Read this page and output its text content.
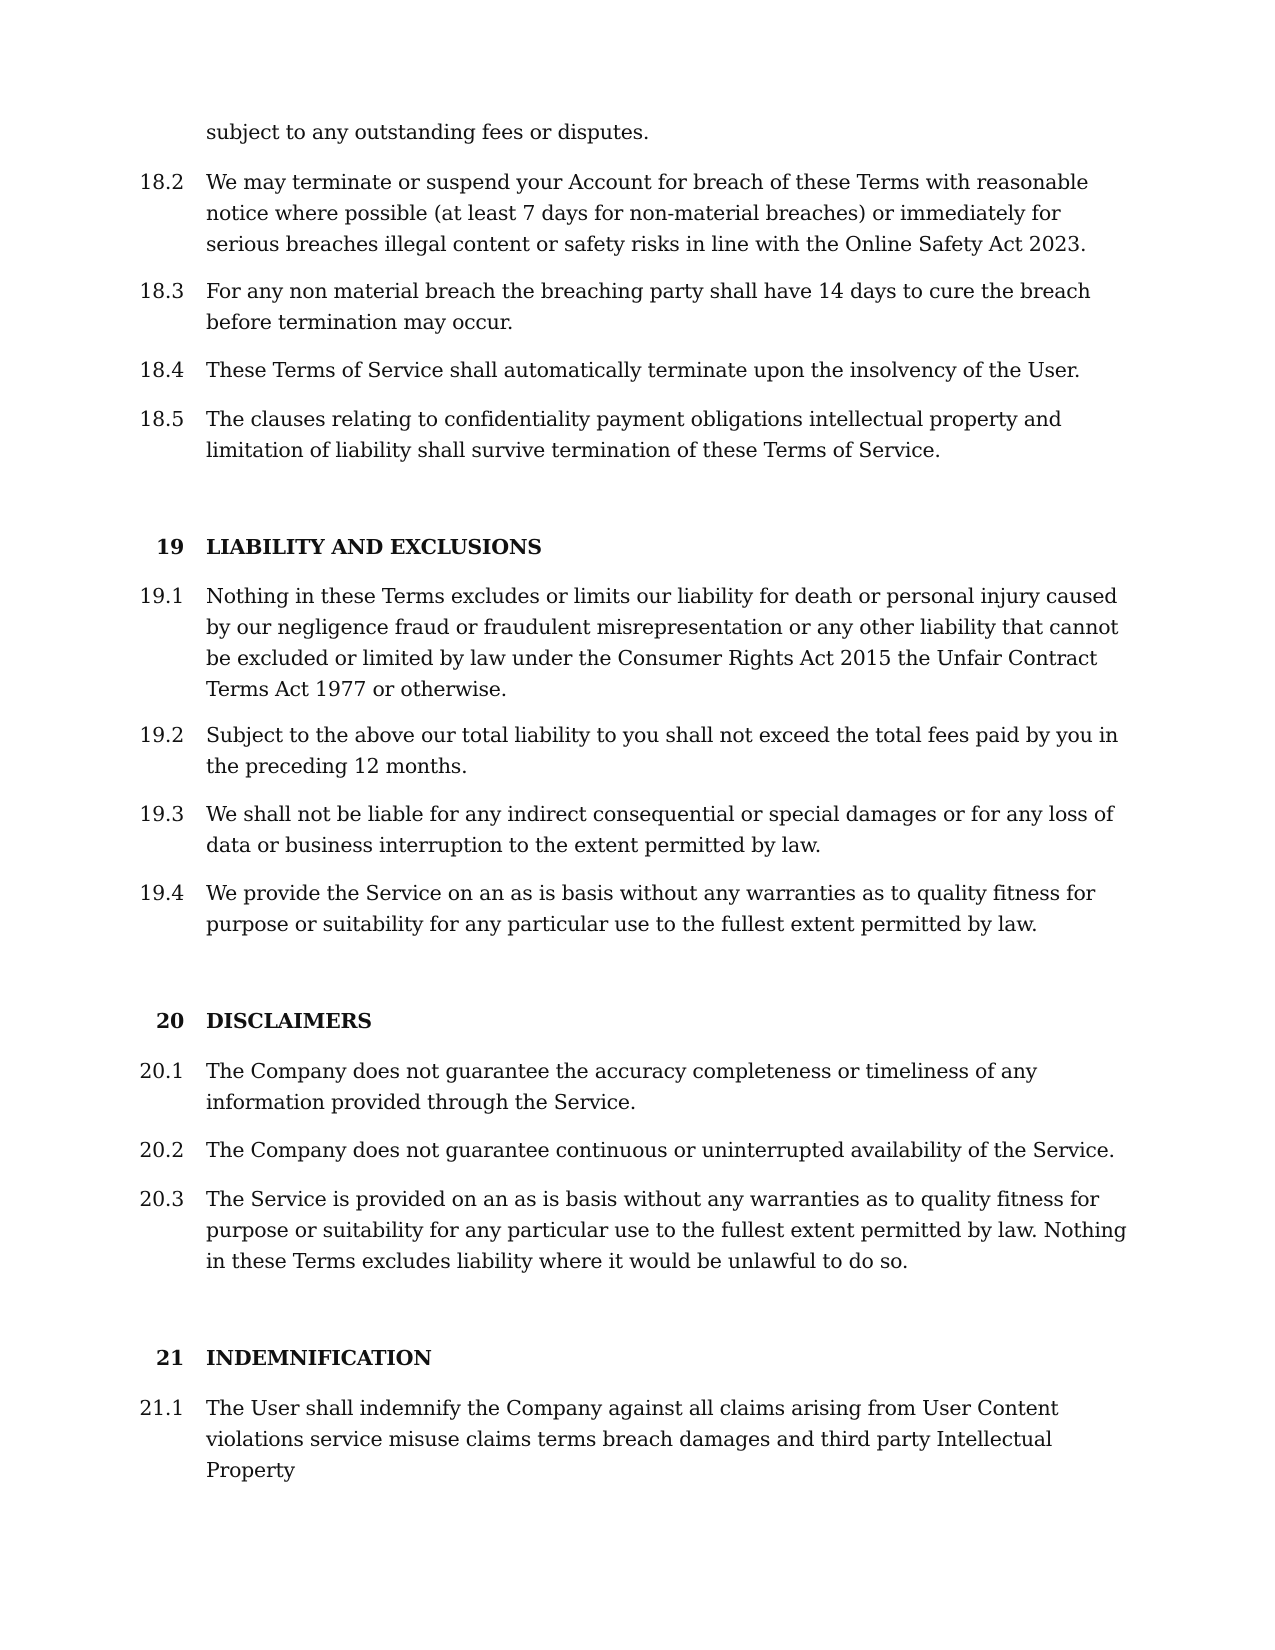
subject to any outstanding fees or disputes.
18.2 We may terminate or suspend your Account for breach of these Terms with reasonable notice where possible (at least 7 days for non-material breaches) or immediately for serious breaches illegal content or safety risks in line with the Online Safety Act 2023.
18.3 For any non material breach the breaching party shall have 14 days to cure the breach before termination may occur.
18.4 These Terms of Service shall automatically terminate upon the insolvency of the User.
18.5 The clauses relating to confidentiality payment obligations intellectual property and limitation of liability shall survive termination of these Terms of Service.
19 LIABILITY AND EXCLUSIONS
19.1 Nothing in these Terms excludes or limits our liability for death or personal injury caused by our negligence fraud or fraudulent misrepresentation or any other liability that cannot be excluded or limited by law under the Consumer Rights Act 2015 the Unfair Contract Terms Act 1977 or otherwise.
19.2 Subject to the above our total liability to you shall not exceed the total fees paid by you in the preceding 12 months.
19.3 We shall not be liable for any indirect consequential or special damages or for any loss of data or business interruption to the extent permitted by law.
19.4 We provide the Service on an as is basis without any warranties as to quality fitness for purpose or suitability for any particular use to the fullest extent permitted by law.
20 DISCLAIMERS
20.1 The Company does not guarantee the accuracy completeness or timeliness of any information provided through the Service.
20.2 The Company does not guarantee continuous or uninterrupted availability of the Service.
20.3 The Service is provided on an as is basis without any warranties as to quality fitness for purpose or suitability for any particular use to the fullest extent permitted by law. Nothing in these Terms excludes liability where it would be unlawful to do so.
21 INDEMNIFICATION
21.1 The User shall indemnify the Company against all claims arising from User Content violations service misuse claims terms breach damages and third party Intellectual Property
